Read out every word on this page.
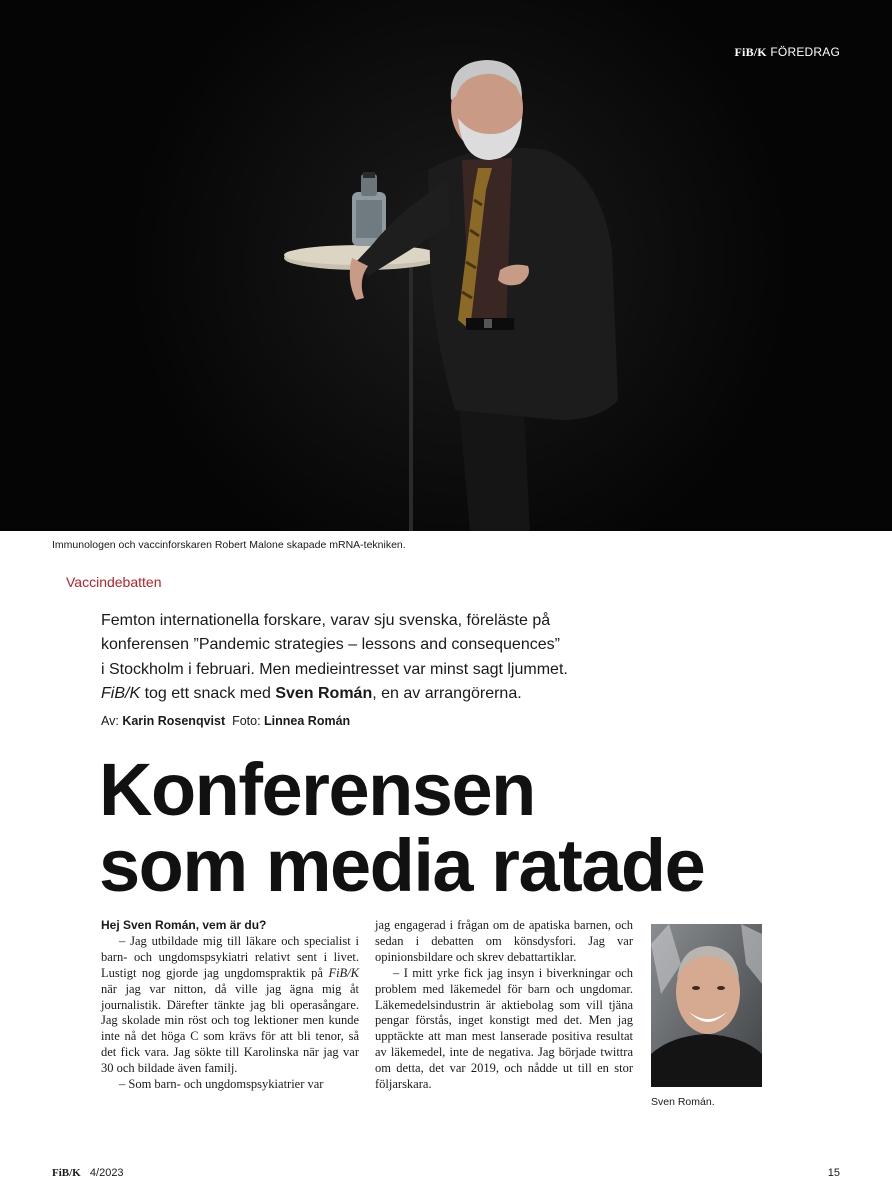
FiB/K FÖREDRAG
Immunologen och vaccinforskaren Robert Malone skapade mRNA-tekniken.
Vaccindebatten

Femton internationella forskare, varav sju svenska, föreläste på

konferensen ”Pandemic strategies – lessons and consequences”

i Stockholm i februari. Men medieintresset var minst sagt ljummet.

FiB/K tog ett snack med Sven Román, en av arrangörerna.

Av: Karin Rosenqvist Foto: Linnea Román
Konferensen
som media ratade

Hej Sven Román, vem är du?

– Jag utbildade mig till läkare och specialist i barn- och ungdomspsykiatri relativt sent i livet. Lustigt nog gjorde jag ungdomspraktik på FiB/K när jag var nitton, då ville jag ägna mig åt journalistik. Därefter tänkte jag bli operasångare. Jag skolade min röst och tog lektioner men kunde inte nå det höga C som krävs för att bli tenor, så det fick vara. Jag sökte till Karolinska när jag var 30 och bildade även familj.

– Som barn- och ungdomspsykiatrier var

jag engagerad i frågan om de apatiska barnen, och sedan i debatten om könsdysfori. Jag var opinionsbildare och skrev debattartiklar.

– I mitt yrke fick jag insyn i biverkningar och problem med läkemedel för barn och ungdomar. Läkemedelsindustrin är aktiebolag som vill tjäna pengar förstås, inget konstigt med det. Men jag upptäckte att man mest lanserade positiva resultat av läkemedel, inte de negativa. Jag började twittra om detta, det var 2019, och nådde ut till en stor följarskara.

Sven Román.
FiB/K 4/2023	15
